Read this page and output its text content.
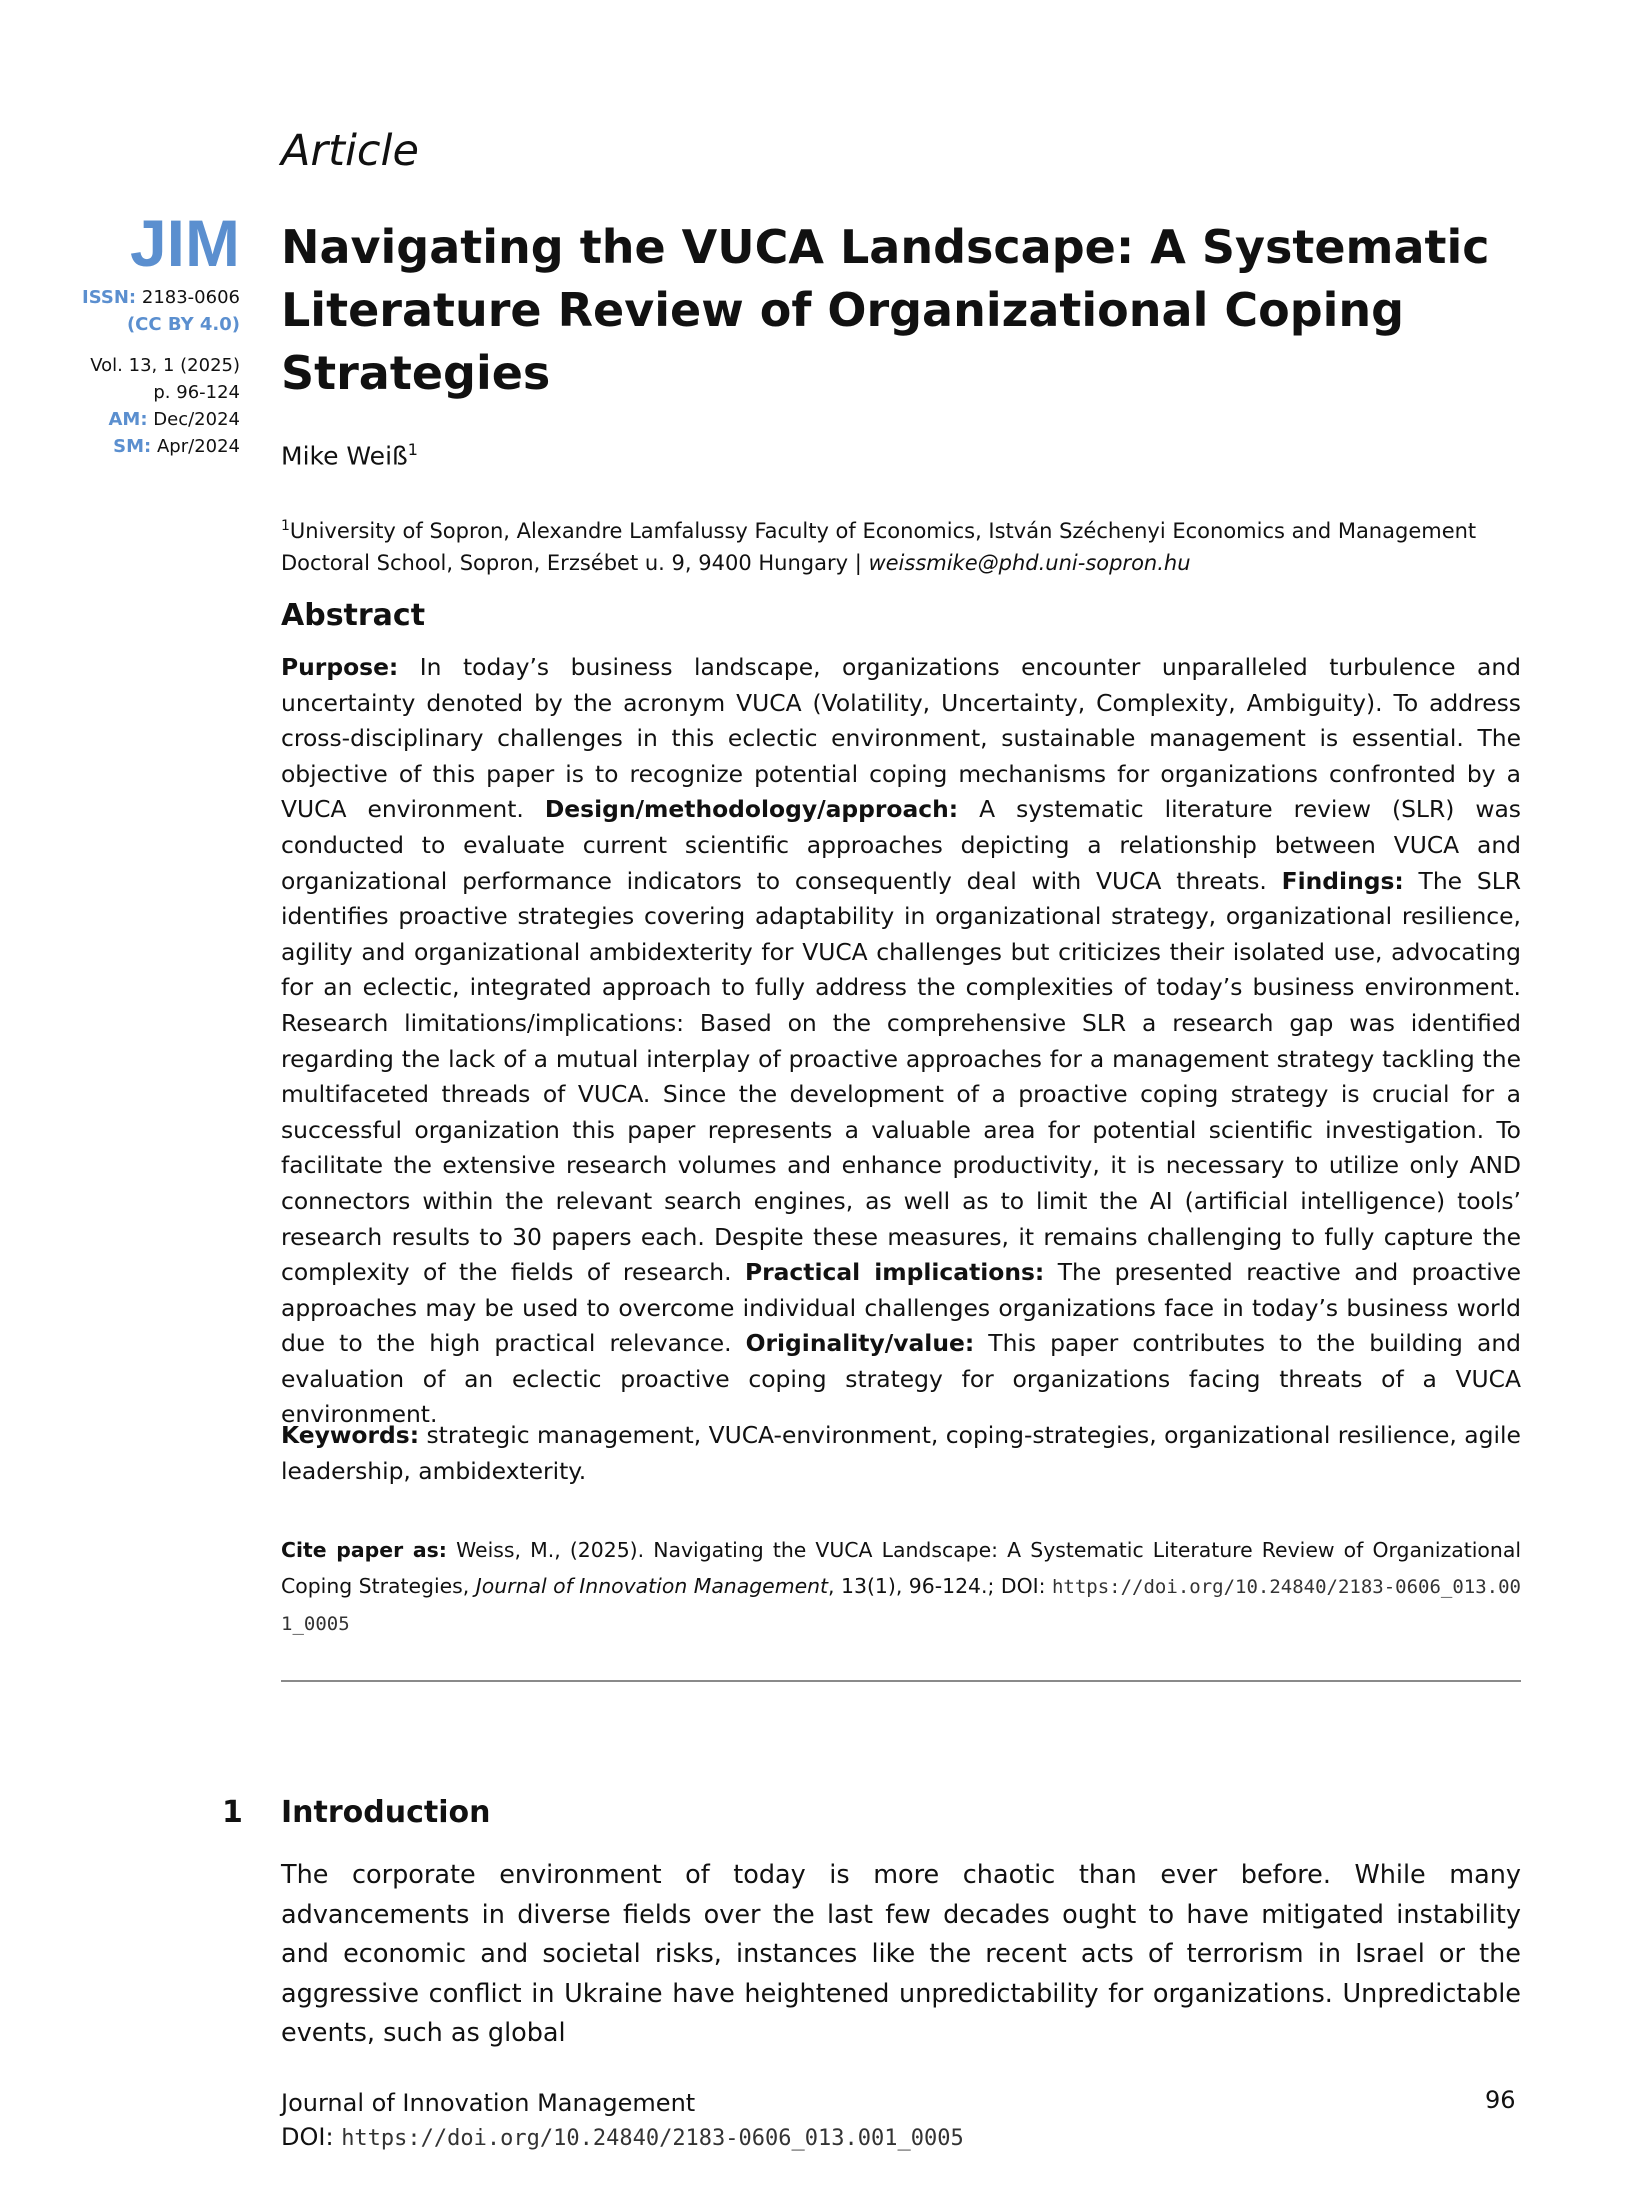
JIM
ISSN: 2183-0606
(CC BY 4.0)
Vol. 13, 1 (2025)
p. 96-124
AM: Dec/2024
SM: Apr/2024
Article
Navigating the VUCA Landscape: A Systematic Literature Review of Organizational Coping Strategies
Mike Weiß$^1$
$^1$University of Sopron, Alexandre Lamfalussy Faculty of Economics, István Széchenyi Economics and Management Doctoral School, Sopron, Erzsébet u. 9, 9400 Hungary | weissmike@phd.uni-sopron.hu
Abstract
Purpose: In today’s business landscape, organizations encounter unparalleled turbulence and uncertainty denoted by the acronym VUCA (Volatility, Uncertainty, Complexity, Ambiguity). To address cross-disciplinary challenges in this eclectic environment, sustainable management is essential. The objective of this paper is to recognize potential coping mechanisms for organizations confronted by a VUCA environment. Design/methodology/approach: A systematic literature review (SLR) was conducted to evaluate current scientific approaches depicting a relationship between VUCA and organizational performance indicators to consequently deal with VUCA threats. Findings: The SLR identifies proactive strategies covering adaptability in organizational strategy, organizational resilience, agility and organizational ambidexterity for VUCA challenges but criticizes their isolated use, advocating for an eclectic, integrated approach to fully address the complexities of today’s business environment. Research limitations/implications: Based on the comprehensive SLR a research gap was identified regarding the lack of a mutual interplay of proactive approaches for a management strategy tackling the multifaceted threads of VUCA. Since the development of a proactive coping strategy is crucial for a successful organization this paper represents a valuable area for potential scientific investigation. To facilitate the extensive research volumes and enhance productivity, it is necessary to utilize only AND connectors within the relevant search engines, as well as to limit the AI (artificial intelligence) tools’ research results to 30 papers each. Despite these measures, it remains challenging to fully capture the complexity of the fields of research. Practical implications: The presented reactive and proactive approaches may be used to overcome individual challenges organizations face in today’s business world due to the high practical relevance. Originality/value: This paper contributes to the building and evaluation of an eclectic proactive coping strategy for organizations facing threats of a VUCA environment.
Keywords: strategic management, VUCA-environment, coping-strategies, organizational resilience, agile leadership, ambidexterity.
Cite paper as: Weiss, M., (2025). Navigating the VUCA Landscape: A Systematic Literature Review of Organizational Coping Strategies, Journal of Innovation Management, 13(1), 96-124.; DOI: https://doi.org/10.24840/2183-0606_013.001_0005
1 Introduction
The corporate environment of today is more chaotic than ever before. While many advancements in diverse fields over the last few decades ought to have mitigated instability and economic and societal risks, instances like the recent acts of terrorism in Israel or the aggressive conflict in Ukraine have heightened unpredictability for organizations. Unpredictable events, such as global
Journal of Innovation Management
DOI: https://doi.org/10.24840/2183-0606_013.001_0005
96
